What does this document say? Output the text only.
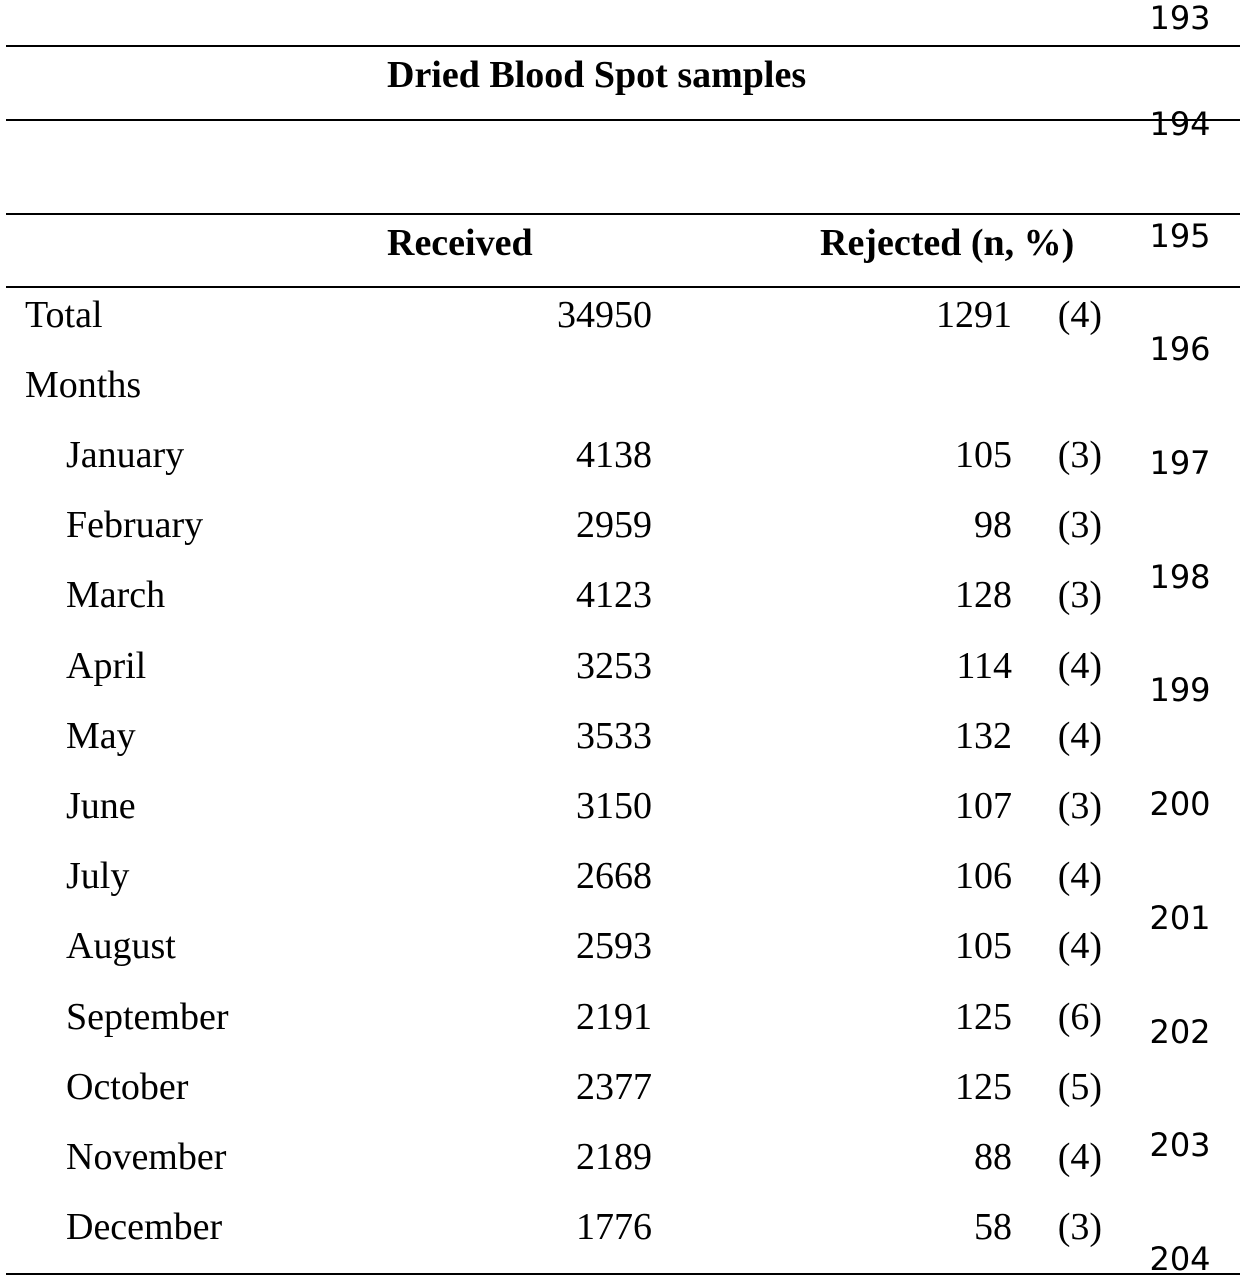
Dried Blood Spot samples
Received	Rejected (n, %)
Total	34950	1291	(4)
Months
January	4138	105	(3)
February	2959	98	(3)
March	4123	128	(3)
April	3253	114	(4)
May	3533	132	(4)
June	3150	107	(3)
July	2668	106	(4)
August	2593	105	(4)
September	2191	125	(6)
October	2377	125	(5)
November	2189	88	(4)
December	1776	58	(3)
193
194
195
196
197
198
199
200
201
202
203
204
